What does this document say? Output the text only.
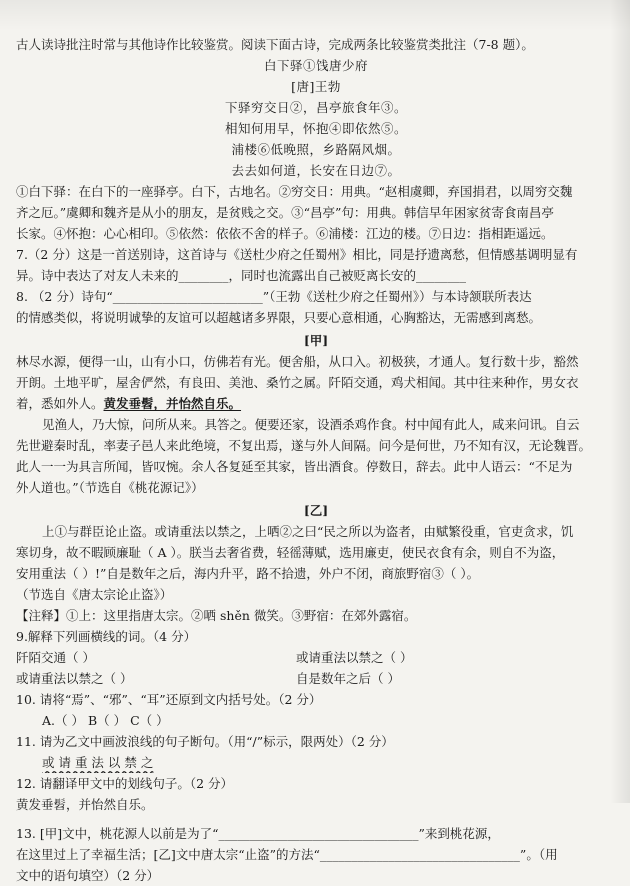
古人读诗批注时常与其他诗作比较鉴赏。阅读下面古诗，完成两条比较鉴赏类批注（7-8 题）。
白下驿①饯唐少府
[唐]王勃
下驿穷交日②，昌亭旅食年③。
相知何用早，怀抱④即依然⑤。
浦楼⑥低晚照，乡路隔风烟。
去去如何道，长安在日边⑦。
①白下驿：在白下的一座驿亭。白下，古地名。②穷交日：用典。“赵相虞卿，弃国捐君，以周穷交魏
齐之厄。”虞卿和魏齐是从小的朋友，是贫贱之交。③“昌亭”句：用典。韩信早年困家贫寄食南昌亭
长家。④怀抱：心心相印。⑤依然：依依不舍的样子。⑥浦楼：江边的楼。⑦日边：指相距遥远。
7.（2 分）这是一首送别诗，这首诗与《送杜少府之任蜀州》相比，同是抒遗离愁，但情感基调明显有
异。诗中表达了对友人未来的________，同时也流露出自己被贬离长安的________
8. （2 分）诗句“________________________”（王勃《送杜少府之任蜀州》）与本诗颔联所表达
的情感类似，将说明诚挚的友谊可以超越诸多界限，只要心意相通，心胸豁达，无需感到离愁。
[甲]
林尽水源，便得一山，山有小口，仿佛若有光。便舍船，从口入。初极狭，才通人。复行数十步，豁然
开朗。土地平旷，屋舍俨然，有良田、美池、桑竹之属。阡陌交通，鸡犬相闻。其中往来种作，男女衣
着，悉如外人。黄发垂髫，并怡然自乐。
见渔人，乃大惊，问所从来。具答之。便要还家，设酒杀鸡作食。村中闻有此人，咸来问讯。自云
先世避秦时乱，率妻子邑人来此绝境，不复出焉，遂与外人间隔。问今是何世，乃不知有汉，无论魏晋。
此人一一为具言所闻，皆叹惋。余人各复延至其家，皆出酒食。停数日，辞去。此中人语云：“不足为
外人道也。”（节选自《桃花源记》）
[乙]
上①与群臣论止盗。或请重法以禁之，上哂②之曰“民之所以为盗者，由赋繁役重，官吏贪求，饥
寒切身，故不暇顾廉耻（ A ）。朕当去奢省费，轻徭薄赋，选用廉吏，使民衣食有余，则自不为盗，
安用重法（ ）!”自是数年之后，海内升平，路不拾遗，外户不闭，商旅野宿③（ ）。
（节选自《唐太宗论止盗》）
【注释】①上：这里指唐太宗。②哂 shěn 微笑。③野宿：在郊外露宿。
9.解释下列画横线的词。（4 分）
阡陌交通（ ）	或请重法以禁之（ ）
或请重法以禁之（ ）	自是数年之后（ ）
10. 请将“焉”、“邪”、“耳”还原到文内括号处。（2 分）
A.（ ） B（ ） C（ ）
11. 请为乙文中画波浪线的句子断句。（用“/”标示，限两处）（2 分）
或 请 重 法 以 禁 之
12. 请翻译甲文中的划线句子。（2 分）
黄发垂髫，并怡然自乐。
13. [甲]文中，桃花源人以前是为了“________________________________”来到桃花源，
在这里过上了幸福生活；[乙]文中唐太宗“止盗”的方法“________________________________”。（用
文中的语句填空）（2 分）
